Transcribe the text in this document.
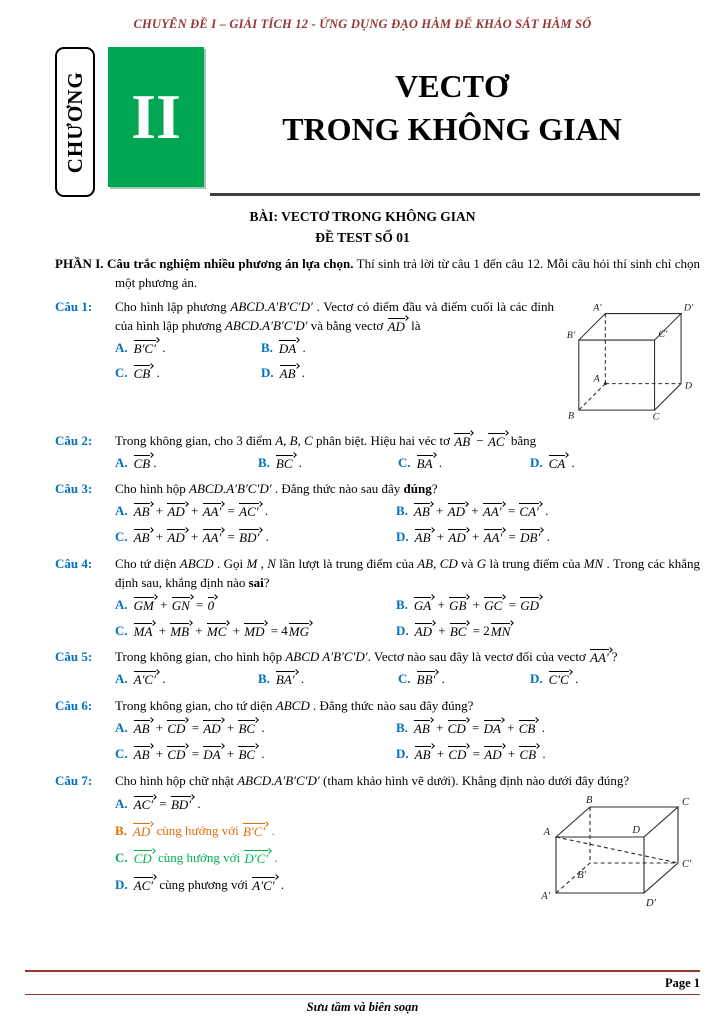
CHUYÊN ĐỀ I – GIẢI TÍCH 12 - ỨNG DỤNG ĐẠO HÀM ĐỂ KHẢO SÁT HÀM SỐ
CHƯƠNG II	VECTƠ
TRONG KHÔNG GIAN
BÀI: VECTƠ TRONG KHÔNG GIAN
ĐỀ TEST SỐ 01

PHẦN I. Câu trắc nghiệm nhiều phương án lựa chọn. Thí sinh trả lời từ câu 1 đến câu 12. Mỗi câu hỏi thí sinh chỉ chọn một phương án.

Câu 1:	Cho hình lập phương ABCD.A′B′C′D′ . Vectơ có điểm đầu và điểm cuối là các đỉnh của hình lập phương ABCD.A′B′C′D′ và bằng vectơ AD là

A. B′C′ .	B. DA .
C. CB .	D. AB .
A′	D′
B′	C′
A
D
B	C
Câu 2:	Trong không gian, cho 3 điểm A, B, C phân biệt. Hiệu hai véc tơ AB − AC bằng

A. CB .	B. BC .	C. BA .	D. CA .
Câu 3:	Cho hình hộp ABCD.A′B′C′D′ . Đẳng thức nào sau đây đúng?

A. AB + AD + AA′ = AC′ .	B. AB + AD + AA′ = CA′ .
C. AB + AD + AA′ = BD′ .	D. AB + AD + AA′ = DB′ .
Câu 4:	Cho tứ diện ABCD . Gọi M , N lần lượt là trung điểm của AB, CD và G là trung điểm của MN . Trong các khẳng định sau, khẳng định nào sai?

A. GM + GN = 0	B. GA + GB + GC = GD
C. MA + MB + MC + MD = 4MG	D. AD + BC = 2MN
Câu 5:	Trong không gian, cho hình hộp ABCD A′B′C′D′. Vectơ nào sau đây là vectơ đối của vectơ AA′ ?

A. A′C′ .	B. BA′ .	C. BB′ .	D. C′C .
Câu 6:	Trong không gian, cho tứ diện ABCD . Đẳng thức nào sau đây đúng?

A. AB + CD = AD + BC .	B. AB + CD = DA + CB .
C. AB + CD = DA + BC .	D. AB + CD = AD + CB .
Câu 7:	Cho hình hộp chữ nhật ABCD.A′B′C′D′ (tham khảo hình vẽ dưới). Khẳng định nào dưới đây đúng?

A. AC′ = BD′ .
B. AD cùng hướng với B′C′ .
C. CD cùng hướng với D′C′ .
D. AC′ cùng phương với A′C′ .
B	C
A	D
B′
C′
A′
D′
Page 1
Sưu tầm và biên soạn
